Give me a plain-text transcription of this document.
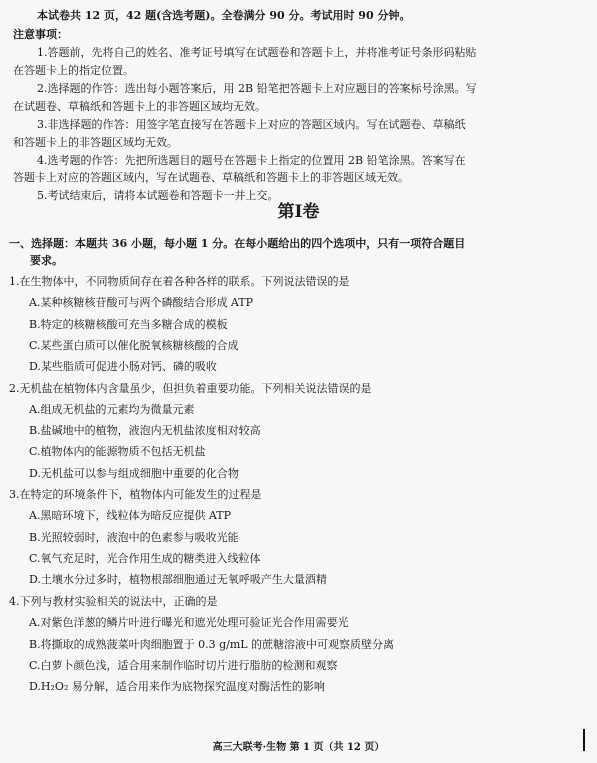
本试卷共 12 页，42 题(含选考题)。全卷满分 90 分。考试用时 90 分钟。
注意事项：
1.答题前，先将自己的姓名、准考证号填写在试题卷和答题卡上，并将准考证号条形码粘贴
在答题卡上的指定位置。
2.选择题的作答：选出每小题答案后，用 2B 铅笔把答题卡上对应题目的答案标号涂黑。写
在试题卷、草稿纸和答题卡上的非答题区域均无效。
3.非选择题的作答：用签字笔直接写在答题卡上对应的答题区域内。写在试题卷、草稿纸
和答题卡上的非答题区域均无效。
4.选考题的作答：先把所选题目的题号在答题卡上指定的位置用 2B 铅笔涂黑。答案写在
答题卡上对应的答题区域内，写在试题卷、草稿纸和答题卡上的非答题区域无效。
5.考试结束后，请将本试题卷和答题卡一并上交。
第Ⅰ卷
一、选择题：本题共 36 小题，每小题 1 分。在每小题给出的四个选项中，只有一项符合题目
要求。
1.在生物体中，不同物质间存在着各种各样的联系。下列说法错误的是
A.某种核糖核苷酸可与两个磷酸结合形成 ATP
B.特定的核糖核酸可充当多糖合成的模板
C.某些蛋白质可以催化脱氧核糖核酸的合成
D.某些脂质可促进小肠对钙、磷的吸收
2.无机盐在植物体内含量虽少，但担负着重要功能。下列相关说法错误的是
A.组成无机盐的元素均为微量元素
B.盐碱地中的植物，液泡内无机盐浓度相对较高
C.植物体内的能源物质不包括无机盐
D.无机盐可以参与组成细胞中重要的化合物
3.在特定的环境条件下，植物体内可能发生的过程是
A.黑暗环境下，线粒体为暗反应提供 ATP
B.光照较弱时，液泡中的色素参与吸收光能
C.氧气充足时，光合作用生成的糖类进入线粒体
D.土壤水分过多时，植物根部细胞通过无氧呼吸产生大量酒精
4.下列与教材实验相关的说法中，正确的是
A.对紫色洋葱的鳞片叶进行曝光和遮光处理可验证光合作用需要光
B.将撕取的成熟菠菜叶肉细胞置于 0.3 g/mL 的蔗糖溶液中可观察质壁分离
C.白萝卜颜色浅，适合用来制作临时切片进行脂肪的检测和观察
D.H₂O₂ 易分解，适合用来作为底物探究温度对酶活性的影响
高三大联考·生物 第 1 页（共 12 页）
